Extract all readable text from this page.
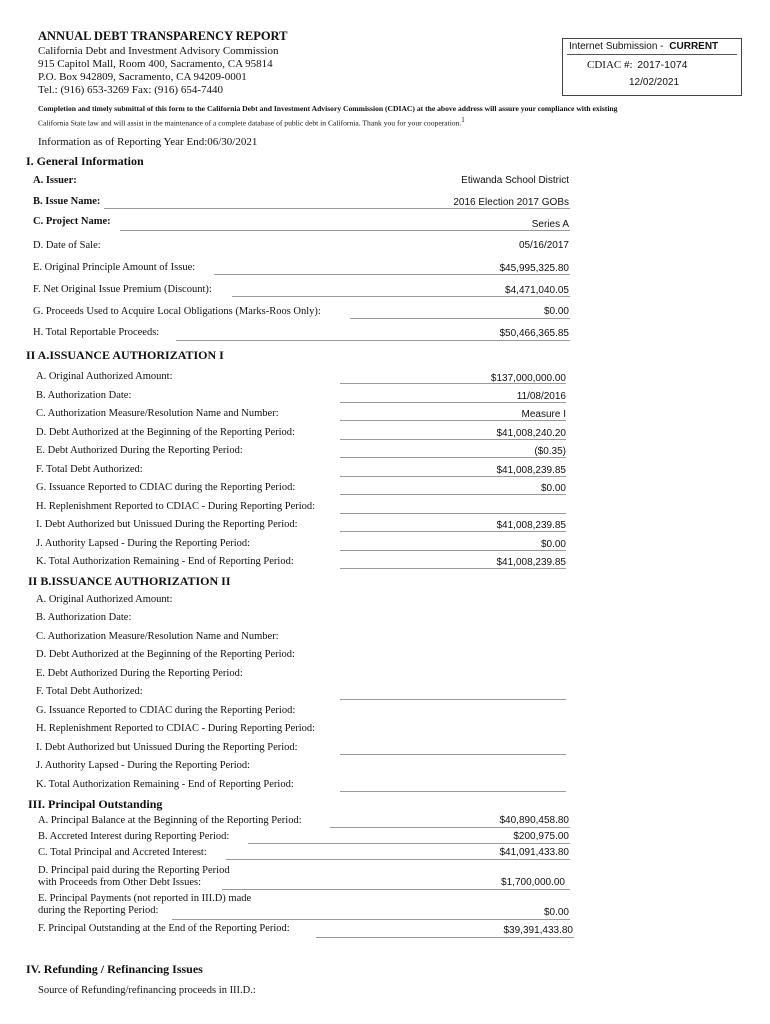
ANNUAL DEBT TRANSPARENCY REPORT
California Debt and Investment Advisory Commission
915 Capitol Mall, Room 400, Sacramento, CA 95814
P.O. Box 942809, Sacramento, CA 94209-0001
Tel.: (916) 653-3269 Fax: (916) 654-7440
Internet Submission - CURRENT
CDIAC #: 2017-1074
12/02/2021
Completion and timely submittal of this form to the California Debt and Investment Advisory Commission (CDIAC) at the above address will assure your compliance with existing
California State law and will assist in the maintenance of a complete database of public debt in California. Thank you for your cooperation.$^1$
Information as of Reporting Year End:06/30/2021
I. General Information
A. Issuer:	Etiwanda School District
B. Issue Name:	2016 Election 2017 GOBs
C. Project Name:	Series A
D. Date of Sale:	05/16/2017
E. Original Principle Amount of Issue:	$45,995,325.80
F. Net Original Issue Premium (Discount):	$4,471,040.05
G. Proceeds Used to Acquire Local Obligations (Marks-Roos Only):	$0.00
H. Total Reportable Proceeds:	$50,466,365.85
II A.ISSUANCE AUTHORIZATION I
A. Original Authorized Amount:	$137,000,000.00
B. Authorization Date:	11/08/2016
C. Authorization Measure/Resolution Name and Number:	Measure I
D. Debt Authorized at the Beginning of the Reporting Period:	$41,008,240.20
E. Debt Authorized During the Reporting Period:	($0.35)
F. Total Debt Authorized:	$41,008,239.85
G. Issuance Reported to CDIAC during the Reporting Period:	$0.00
H. Replenishment Reported to CDIAC - During Reporting Period:
I. Debt Authorized but Unissued During the Reporting Period:	$41,008,239.85
J. Authority Lapsed - During the Reporting Period:	$0.00
K. Total Authorization Remaining - End of Reporting Period:	$41,008,239.85
II B.ISSUANCE AUTHORIZATION II
A. Original Authorized Amount:
B. Authorization Date:
C. Authorization Measure/Resolution Name and Number:
D. Debt Authorized at the Beginning of the Reporting Period:
E. Debt Authorized During the Reporting Period:
F. Total Debt Authorized:
G. Issuance Reported to CDIAC during the Reporting Period:
H. Replenishment Reported to CDIAC - During Reporting Period:
I. Debt Authorized but Unissued During the Reporting Period:
J. Authority Lapsed - During the Reporting Period:
K. Total Authorization Remaining - End of Reporting Period:
III. Principal Outstanding
A. Principal Balance at the Beginning of the Reporting Period:	$40,890,458.80
B. Accreted Interest during Reporting Period:	$200,975.00
C. Total Principal and Accreted Interest:	$41,091,433.80
D. Principal paid during the Reporting Period
with Proceeds from Other Debt Issues:	$1,700,000.00
E. Principal Payments (not reported in III.D) made
during the Reporting Period:	$0.00
F. Principal Outstanding at the End of the Reporting Period:	$39,391,433.80
IV. Refunding / Refinancing Issues
Source of Refunding/refinancing proceeds in III.D.:
